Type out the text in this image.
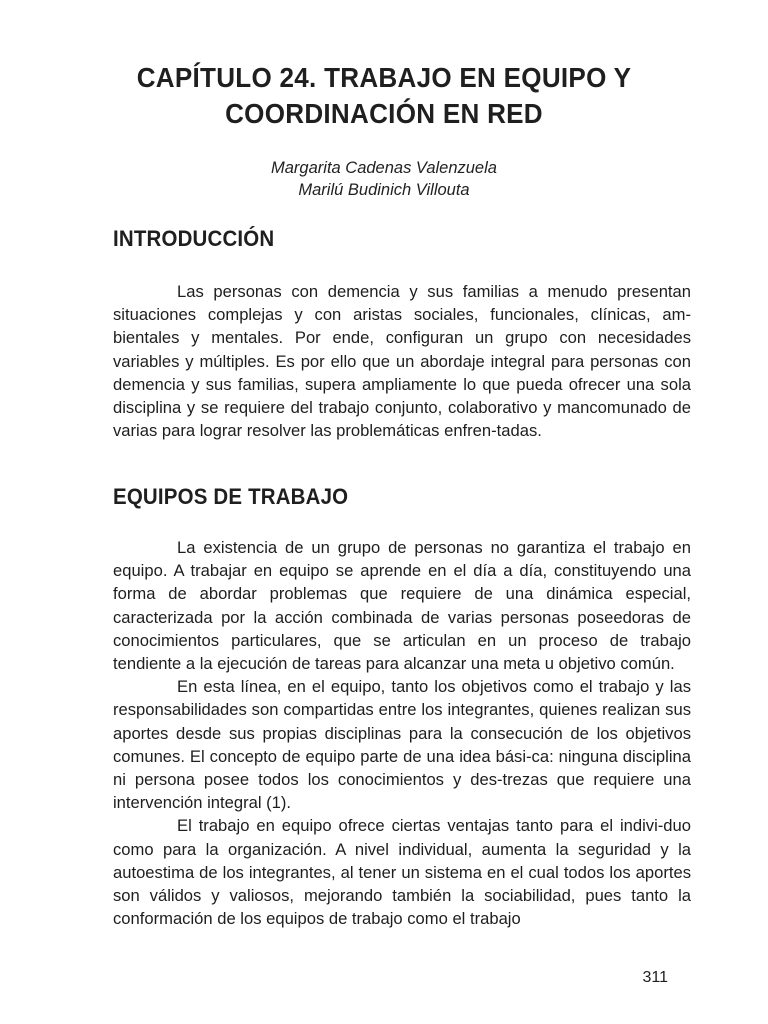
CAPÍTULO 24. TRABAJO EN EQUIPO Y
COORDINACIÓN EN RED
Margarita Cadenas Valenzuela
Marilú Budinich Villouta
INTRODUCCIÓN

Las personas con demencia y sus familias a menudo presentan situaciones complejas y con aristas sociales, funcionales, clínicas, am-bientales y mentales. Por ende, configuran un grupo con necesidades variables y múltiples. Es por ello que un abordaje integral para personas con demencia y sus familias, supera ampliamente lo que pueda ofrecer una sola disciplina y se requiere del trabajo conjunto, colaborativo y mancomunado de varias para lograr resolver las problemáticas enfren-tadas.

EQUIPOS DE TRABAJO

La existencia de un grupo de personas no garantiza el trabajo en equipo. A trabajar en equipo se aprende en el día a día, constituyendo una forma de abordar problemas que requiere de una dinámica especial, caracterizada por la acción combinada de varias personas poseedoras de conocimientos particulares, que se articulan en un proceso de trabajo tendiente a la ejecución de tareas para alcanzar una meta u objetivo común.

En esta línea, en el equipo, tanto los objetivos como el trabajo y las responsabilidades son compartidas entre los integrantes, quienes realizan sus aportes desde sus propias disciplinas para la consecución de los objetivos comunes. El concepto de equipo parte de una idea bási-ca: ninguna disciplina ni persona posee todos los conocimientos y des-trezas que requiere una intervención integral (1).

El trabajo en equipo ofrece ciertas ventajas tanto para el indivi-duo como para la organización. A nivel individual, aumenta la seguridad y la autoestima de los integrantes, al tener un sistema en el cual todos los aportes son válidos y valiosos, mejorando también la sociabilidad, pues tanto la conformación de los equipos de trabajo como el trabajo

311
